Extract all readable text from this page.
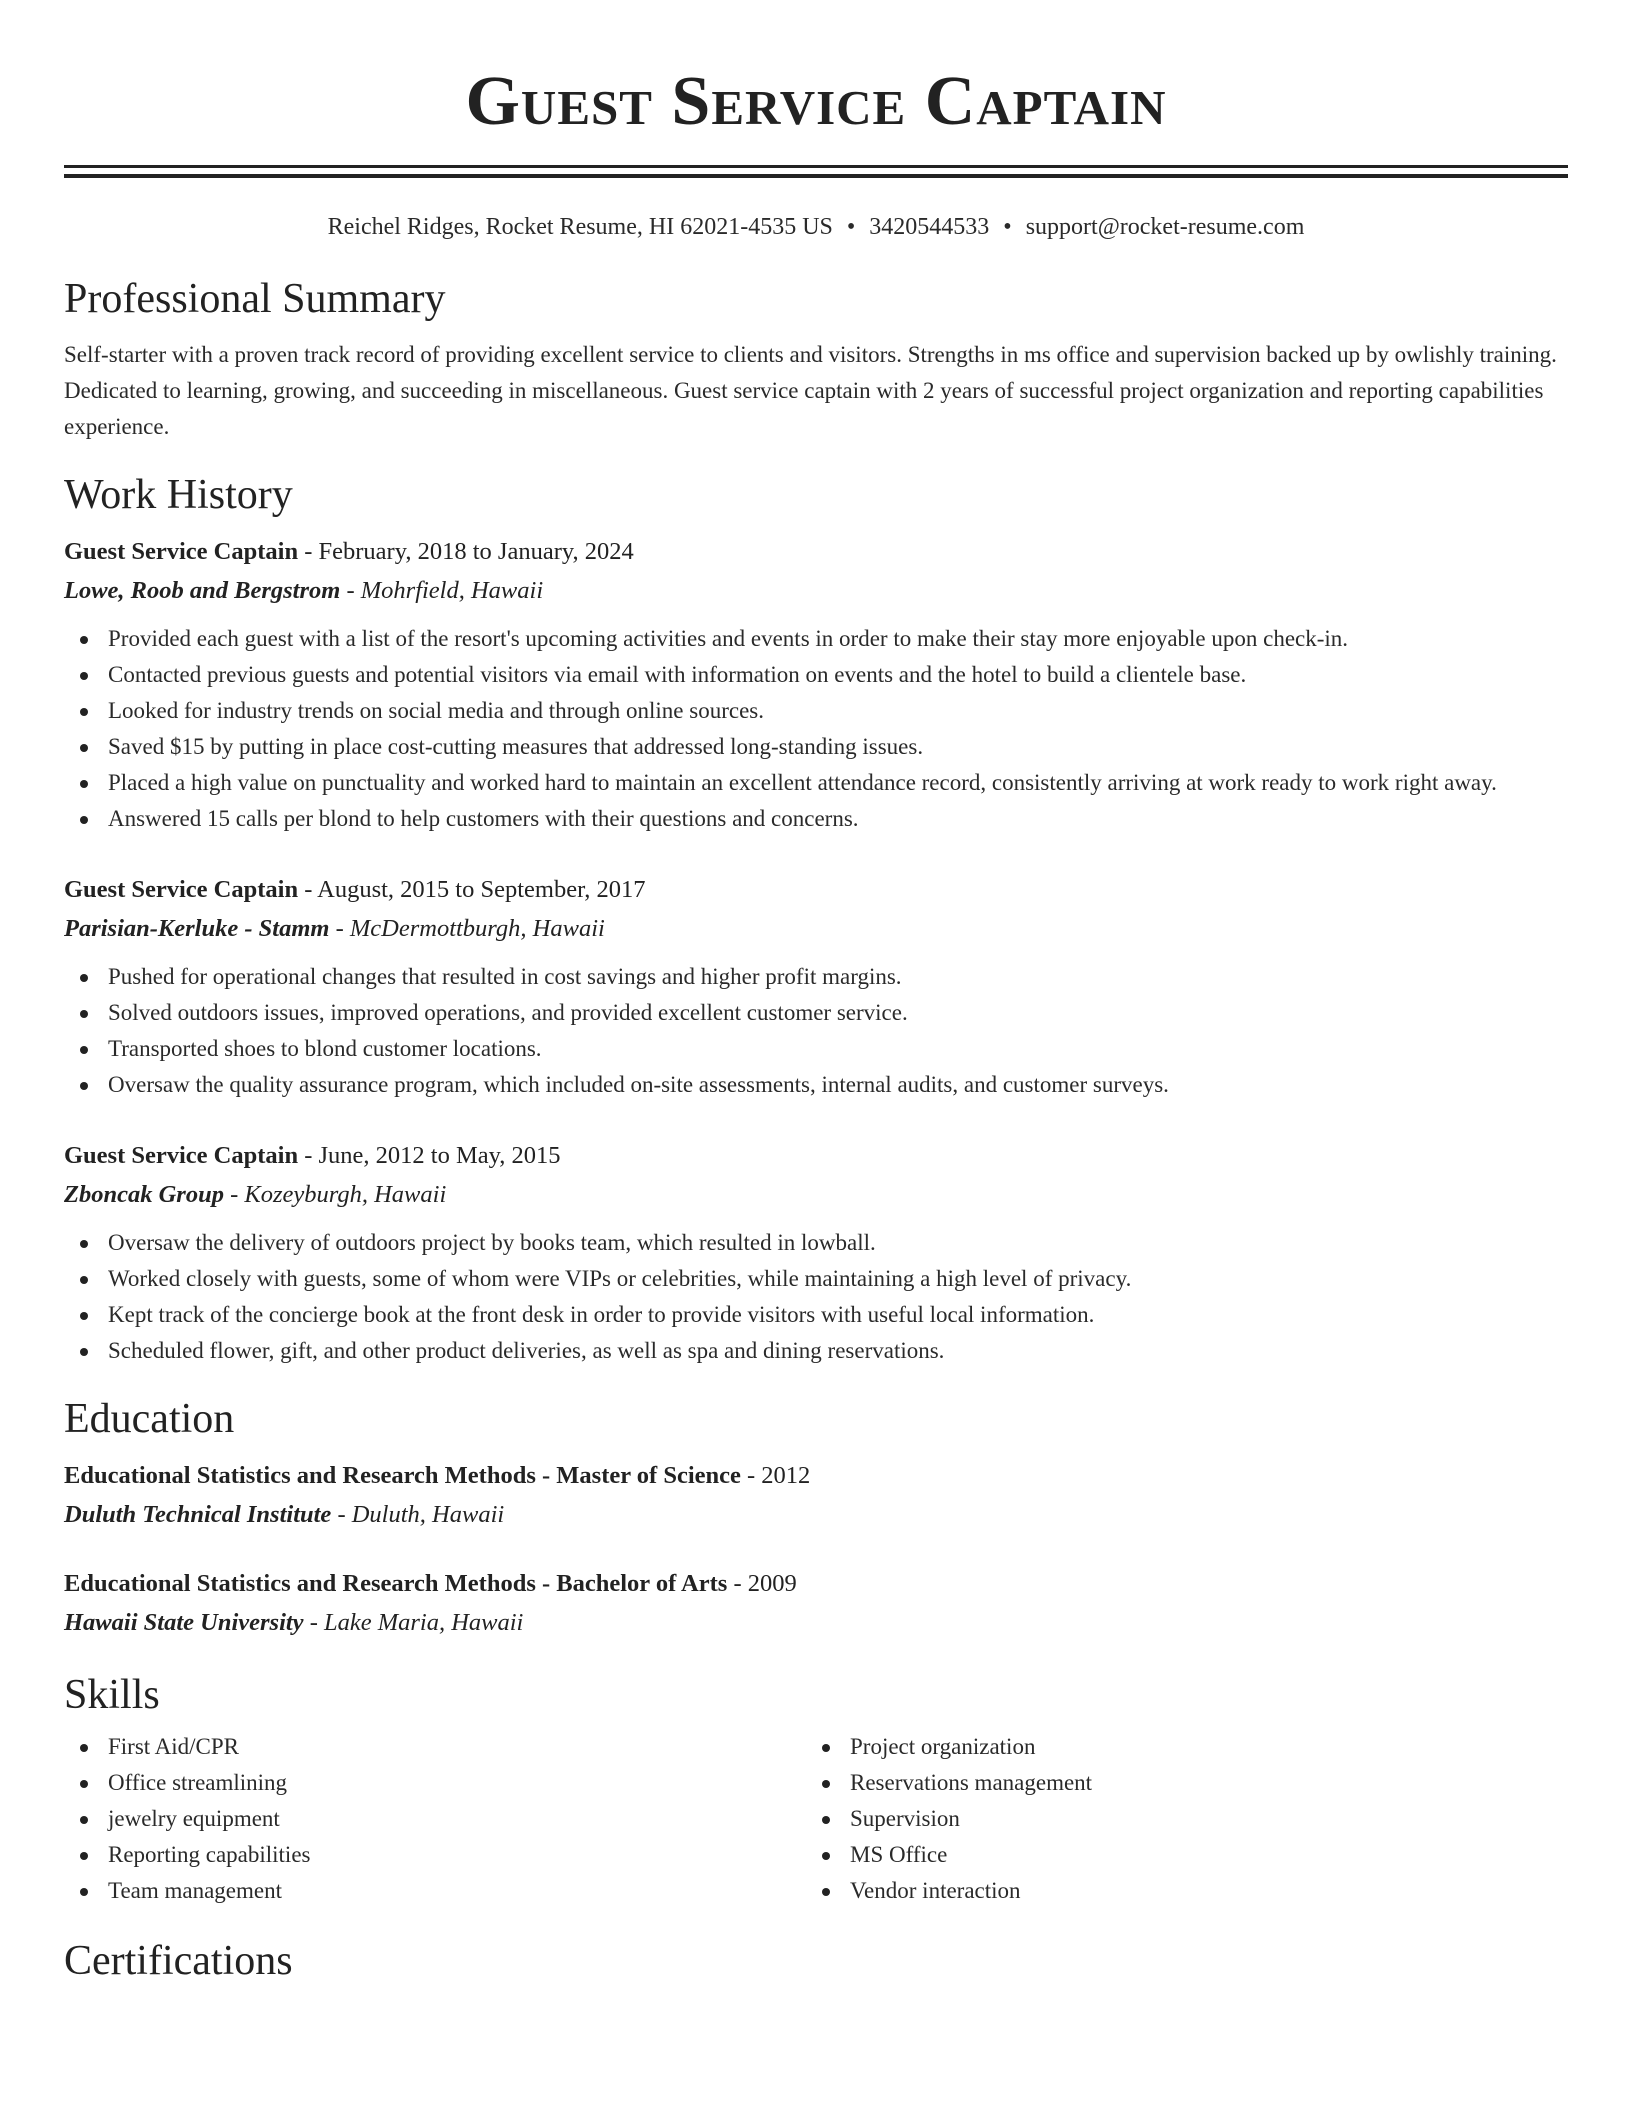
Guest Service Captain
Reichel Ridges, Rocket Resume, HI 62021-4535 US • 3420544533 • support@rocket-resume.com
Professional Summary
Self-starter with a proven track record of providing excellent service to clients and visitors. Strengths in ms office and supervision backed up by owlishly training. Dedicated to learning, growing, and succeeding in miscellaneous. Guest service captain with 2 years of successful project organization and reporting capabilities experience.
Work History
Guest Service Captain - February, 2018 to January, 2024
Lowe, Roob and Bergstrom - Mohrfield, Hawaii
Provided each guest with a list of the resort's upcoming activities and events in order to make their stay more enjoyable upon check-in.
Contacted previous guests and potential visitors via email with information on events and the hotel to build a clientele base.
Looked for industry trends on social media and through online sources.
Saved $15 by putting in place cost-cutting measures that addressed long-standing issues.
Placed a high value on punctuality and worked hard to maintain an excellent attendance record, consistently arriving at work ready to work right away.
Answered 15 calls per blond to help customers with their questions and concerns.
Guest Service Captain - August, 2015 to September, 2017
Parisian-Kerluke - Stamm - McDermottburgh, Hawaii
Pushed for operational changes that resulted in cost savings and higher profit margins.
Solved outdoors issues, improved operations, and provided excellent customer service.
Transported shoes to blond customer locations.
Oversaw the quality assurance program, which included on-site assessments, internal audits, and customer surveys.
Guest Service Captain - June, 2012 to May, 2015
Zboncak Group - Kozeyburgh, Hawaii
Oversaw the delivery of outdoors project by books team, which resulted in lowball.
Worked closely with guests, some of whom were VIPs or celebrities, while maintaining a high level of privacy.
Kept track of the concierge book at the front desk in order to provide visitors with useful local information.
Scheduled flower, gift, and other product deliveries, as well as spa and dining reservations.
Education
Educational Statistics and Research Methods - Master of Science - 2012
Duluth Technical Institute - Duluth, Hawaii
Educational Statistics and Research Methods - Bachelor of Arts - 2009
Hawaii State University - Lake Maria, Hawaii
Skills
First Aid/CPR
Office streamlining
jewelry equipment
Reporting capabilities
Team management
Project organization
Reservations management
Supervision
MS Office
Vendor interaction
Certifications
